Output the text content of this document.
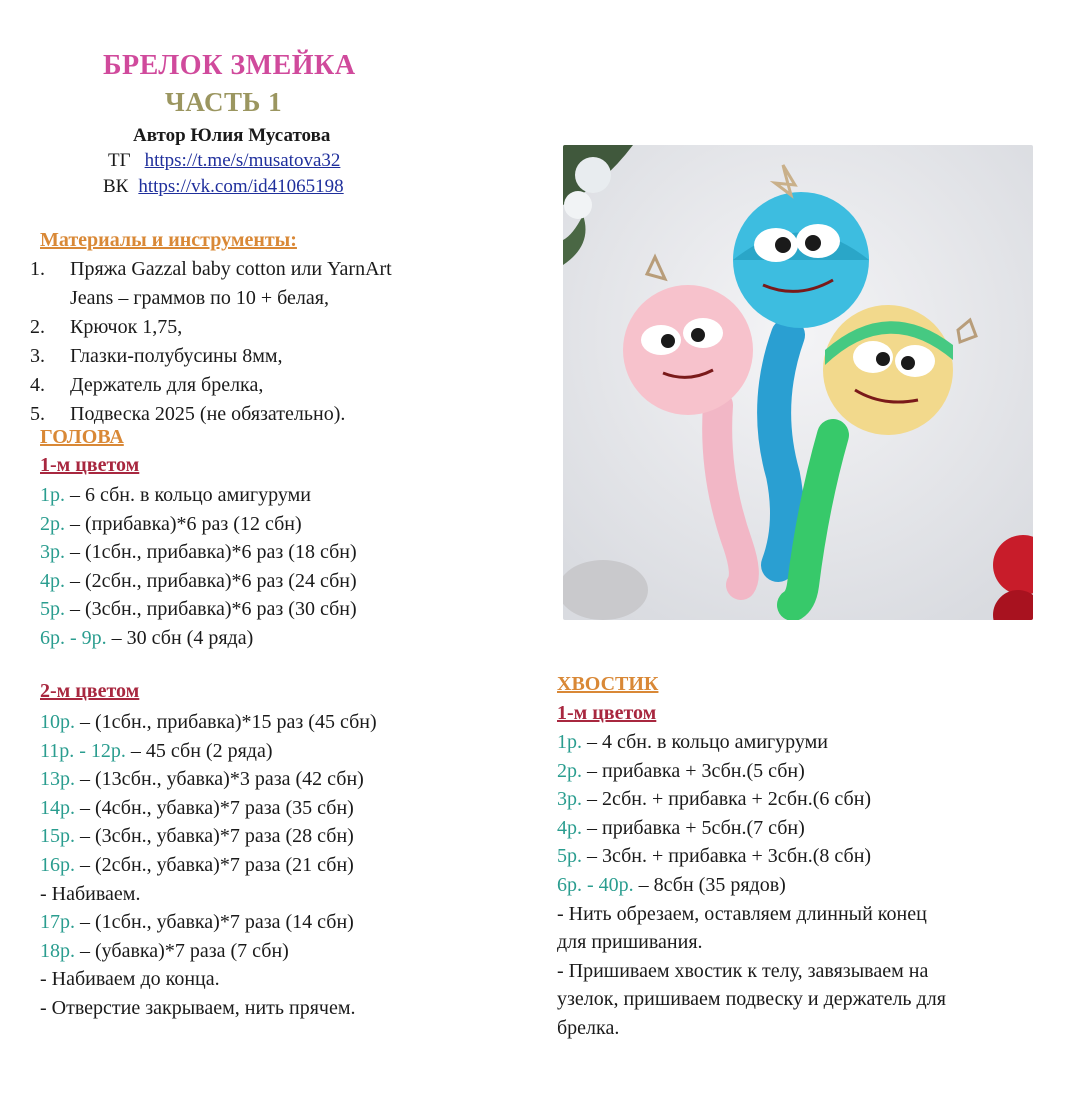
БРЕЛОК ЗМЕЙКА
ЧАСТЬ 1
Автор Юлия Мусатова
ТГ https://t.me/s/musatova32
ВК https://vk.com/id41065198
Материалы и инструменты:
1.	Пряжа Gazzal baby cotton или YarnArt
Jeans – граммов по 10 + белая,
2.	Крючок 1,75,
3.	Глазки-полубусины 8мм,
4.	Держатель для брелка,
5.	Подвеска 2025 (не обязательно).
ГОЛОВА
1-м цветом
1р. – 6 сбн. в кольцо амигуруми
2р. – (прибавка)*6 раз (12 сбн)
3р. – (1сбн., прибавка)*6 раз (18 сбн)
4р. – (2сбн., прибавка)*6 раз (24 сбн)
5р. – (3сбн., прибавка)*6 раз (30 сбн)
6р. - 9р. – 30 сбн (4 ряда)
2-м цветом
10р. – (1сбн., прибавка)*15 раз (45 сбн)
11р. - 12р. – 45 сбн (2 ряда)
13р. – (13сбн., убавка)*3 раза (42 сбн)
14р. – (4сбн., убавка)*7 раза (35 сбн)
15р. – (3сбн., убавка)*7 раза (28 сбн)
16р. – (2сбн., убавка)*7 раза (21 сбн)
- Набиваем.
17р. – (1сбн., убавка)*7 раза (14 сбн)
18р. – (убавка)*7 раза (7 сбн)
- Набиваем до конца.
- Отверстие закрываем, нить прячем.
ХВОСТИК
1-м цветом
1р. – 4 сбн. в кольцо амигуруми
2р. – прибавка + 3сбн.(5 сбн)
3р. – 2сбн. + прибавка + 2сбн.(6 сбн)
4р. – прибавка + 5сбн.(7 сбн)
5р. – 3сбн. + прибавка + 3сбн.(8 сбн)
6р. - 40р. – 8сбн (35 рядов)
- Нить обрезаем, оставляем длинный конец
для пришивания.
- Пришиваем хвостик к телу, завязываем на
узелок, пришиваем подвеску и держатель для
брелка.
